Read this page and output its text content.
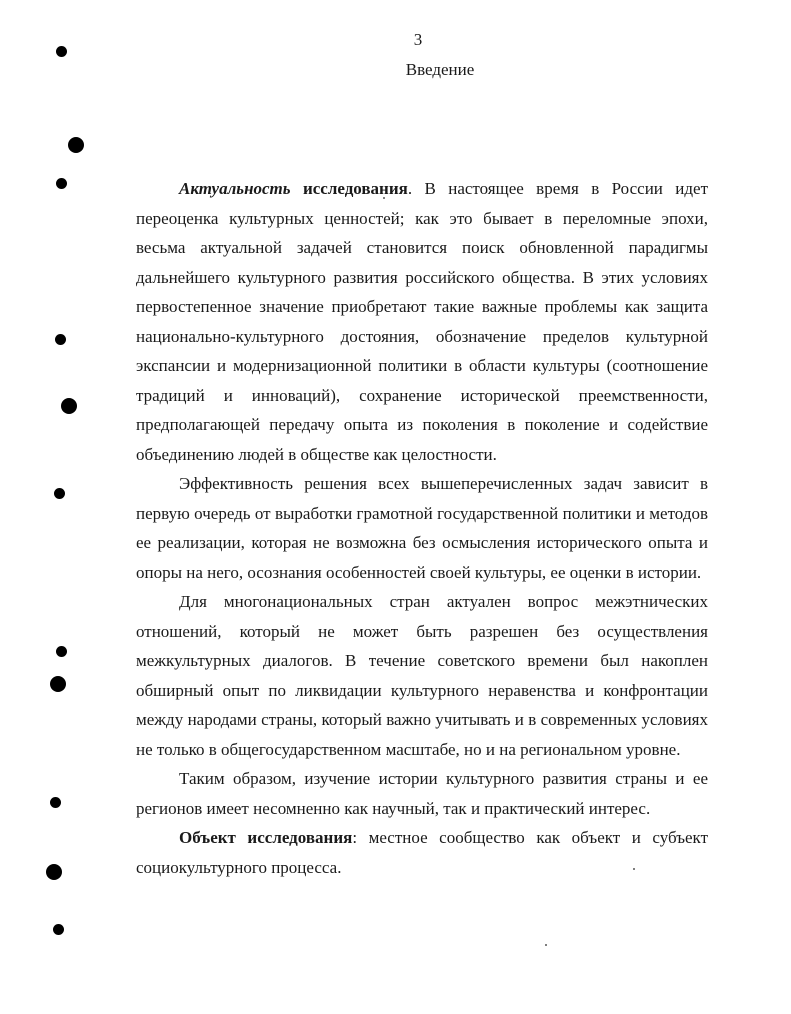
3
Введение

Актуальность исследования. В настоящее время в России идет переоценка культурных ценностей; как это бывает в переломные эпохи, весьма актуальной задачей становится поиск обновленной парадигмы дальнейшего культурного развития российского общества. В этих условиях первостепенное значение приобретают такие важные проблемы как защита национально-культурного достояния, обозначение пределов культурной экспансии и модернизационной политики в области культуры (соотношение традиций и инноваций), сохранение исторической преемственности, предполагающей передачу опыта из поколения в поколение и содействие объединению людей в обществе как целостности.

Эффективность решения всех вышеперечисленных задач зависит в первую очередь от выработки грамотной государственной политики и методов ее реализации, которая не возможна без осмысления исторического опыта и опоры на него, осознания особенностей своей культуры, ее оценки в истории.

Для многонациональных стран актуален вопрос межэтнических отношений, который не может быть разрешен без осуществления межкультурных диалогов. В течение советского времени был накоплен обширный опыт по ликвидации культурного неравенства и конфронтации между народами страны, который важно учитывать и в современных условиях не только в общегосударственном масштабе, но и на региональном уровне.

Таким образом, изучение истории культурного развития страны и ее регионов имеет несомненно как научный, так и практический интерес.

Объект исследования: местное сообщество как объект и субъект социокультурного процесса.
